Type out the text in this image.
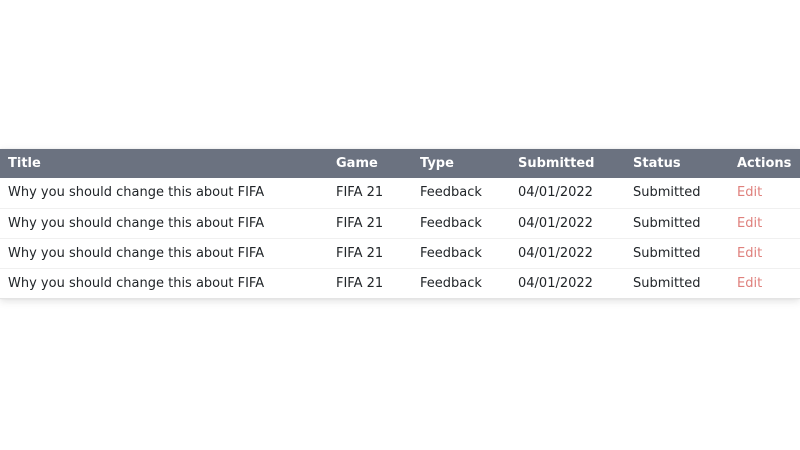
Title	Game	Type	Submitted	Status	Actions
Why you should change this about FIFA	FIFA 21	Feedback	04/01/2022	Submitted	Edit
Why you should change this about FIFA	FIFA 21	Feedback	04/01/2022	Submitted	Edit
Why you should change this about FIFA	FIFA 21	Feedback	04/01/2022	Submitted	Edit
Why you should change this about FIFA	FIFA 21	Feedback	04/01/2022	Submitted	Edit
